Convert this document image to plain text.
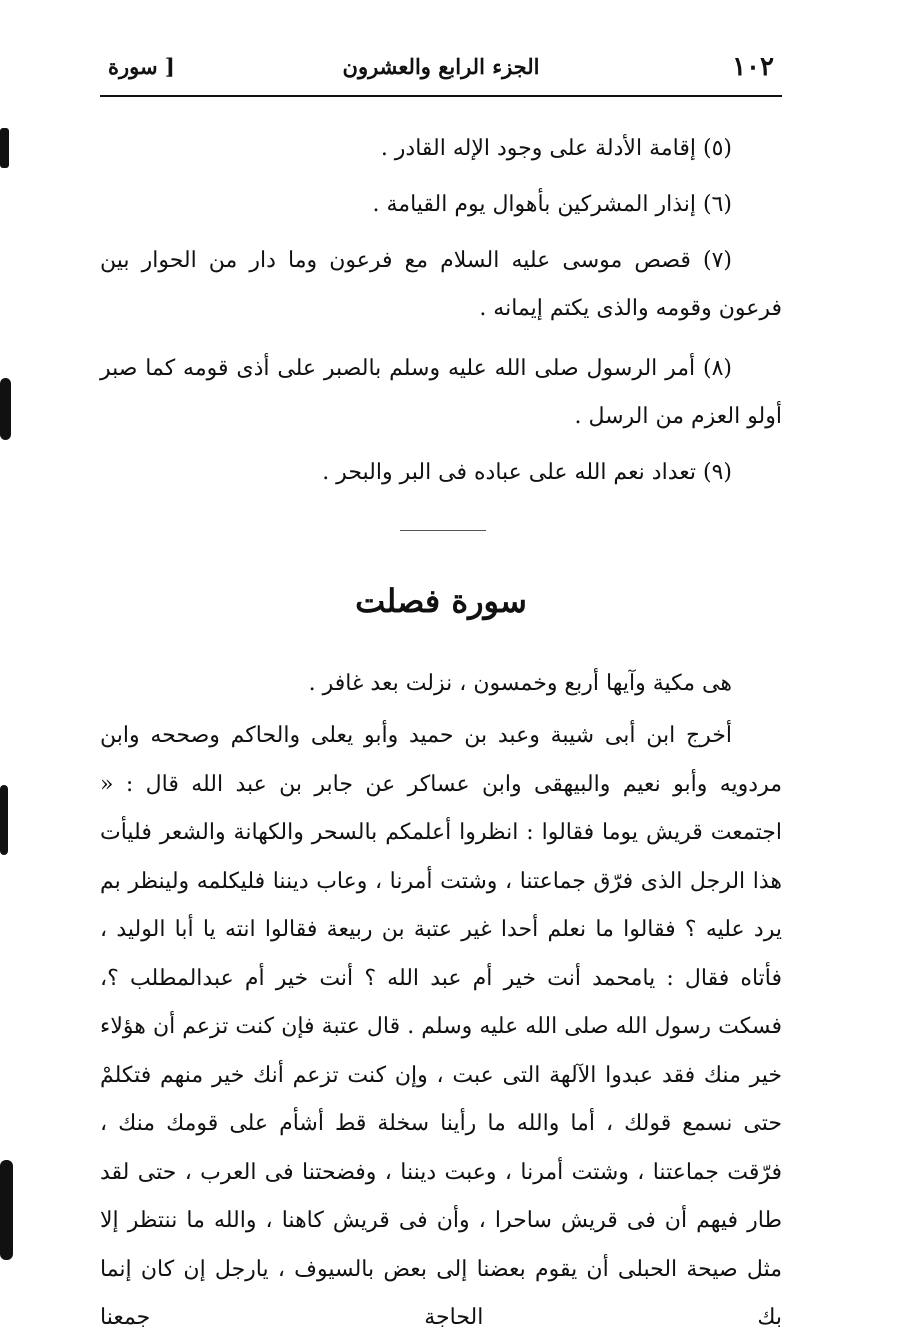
١٠٢
الجزء الرابع والعشرون
[ سورة

(٥) إقامة الأدلة على وجود الإله القادر .

(٦) إنذار المشركين بأهوال يوم القيامة .

(٧) قصص موسى عليه السلام مع فرعون وما دار من الحوار بين فرعون وقومه والذى يكتم إيمانه .

(٨) أمر الرسول صلى الله عليه وسلم بالصبر على أذى قومه كما صبر أولو العزم من الرسل .

(٩) تعداد نعم الله على عباده فى البر والبحر .

سورة فصلت

هى مكية وآيها أربع وخمسون ، نزلت بعد غافر .

أخرج ابن أبى شيبة وعبد بن حميد وأبو يعلى والحاكم وصححه وابن مردويه وأبو نعيم والبيهقى وابن عساكر عن جابر بن عبد الله قال : « اجتمعت قريش يوما فقالوا : انظروا أعلمكم بالسحر والكهانة والشعر فليأت هذا الرجل الذى فرّق جماعتنا ، وشتت أمرنا ، وعاب ديننا فليكلمه ولينظر بم يرد عليه ؟ فقالوا ما نعلم أحدا غير عتبة بن ربيعة فقالوا انته يا أبا الوليد ، فأتاه فقال : يامحمد أنت خير أم عبد الله ؟ أنت خير أم عبدالمطلب ؟، فسكت رسول الله صلى الله عليه وسلم . قال عتبة فإن كنت تزعم أن هؤلاء خير منك فقد عبدوا الآلهة التى عبت ، وإن كنت تزعم أنك خير منهم فتكلمْ حتى نسمع قولك ، أما والله ما رأينا سخلة قط أشأم على قومك منك ، فرّقت جماعتنا ، وشتت أمرنا ، وعبت ديننا ، وفضحتنا فى العرب ، حتى لقد طار فيهم أن فى قريش ساحرا ، وأن فى قريش كاهنا ، والله ما ننتظر إلا مثل صيحة الحبلى أن يقوم بعضنا إلى بعض بالسيوف ، يارجل إن كان إنما بك الحاجة جمعنا
